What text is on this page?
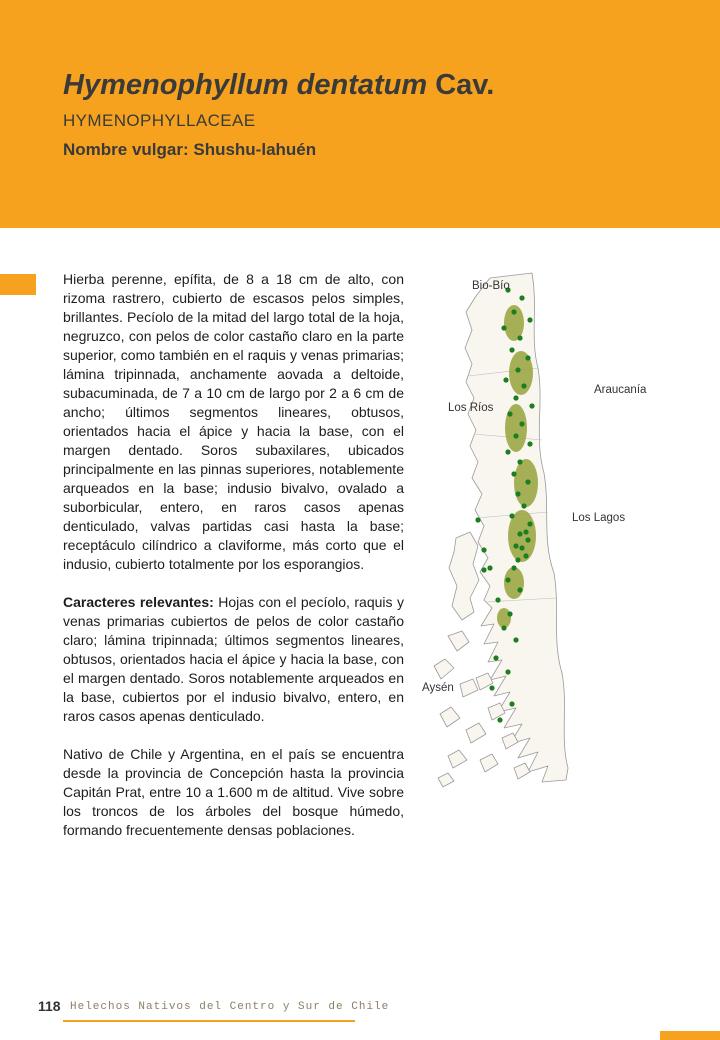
Hymenophyllum dentatum Cav.
HYMENOPHYLLACEAE
Nombre vulgar: Shushu-lahuén

Hierba perenne, epífita, de 8 a 18 cm de alto, con rizoma rastrero, cubierto de escasos pelos simples, brillantes. Pecíolo de la mitad del largo total de la hoja, negruzco, con pelos de color castaño claro en la parte superior, como también en el raquis y venas primarias; lámina tripinnada, anchamente aovada a deltoide, subacuminada, de 7 a 10 cm de largo por 2 a 6 cm de ancho; últimos segmentos lineares, obtusos, orientados hacia el ápice y hacia la base, con el margen dentado. Soros subaxilares, ubicados principalmente en las pinnas superiores, notablemente arqueados en la base; indusio bivalvo, ovalado a suborbicular, entero, en raros casos apenas denticulado, valvas partidas casi hasta la base; receptáculo cilíndrico a claviforme, más corto que el indusio, cubierto totalmente por los esporangios.

Caracteres relevantes: Hojas con el pecíolo, raquis y venas primarias cubiertos de pelos de color castaño claro; lámina tripinnada; últimos segmentos lineares, obtusos, orientados hacia el ápice y hacia la base, con el margen dentado. Soros notablemente arqueados en la base, cubiertos por el indusio bivalvo, entero, en raros casos apenas denticulado.

Nativo de Chile y Argentina, en el país se encuentra desde la provincia de Concepción hasta la provincia Capitán Prat, entre 10 a 1.600 m de altitud. Vive sobre los troncos de los árboles del bosque húmedo, formando frecuentemente densas poblaciones.

Bio-Bío
Araucanía
Los Ríos
Los Lagos
Aysén
118 Helechos Nativos del Centro y Sur de Chile
